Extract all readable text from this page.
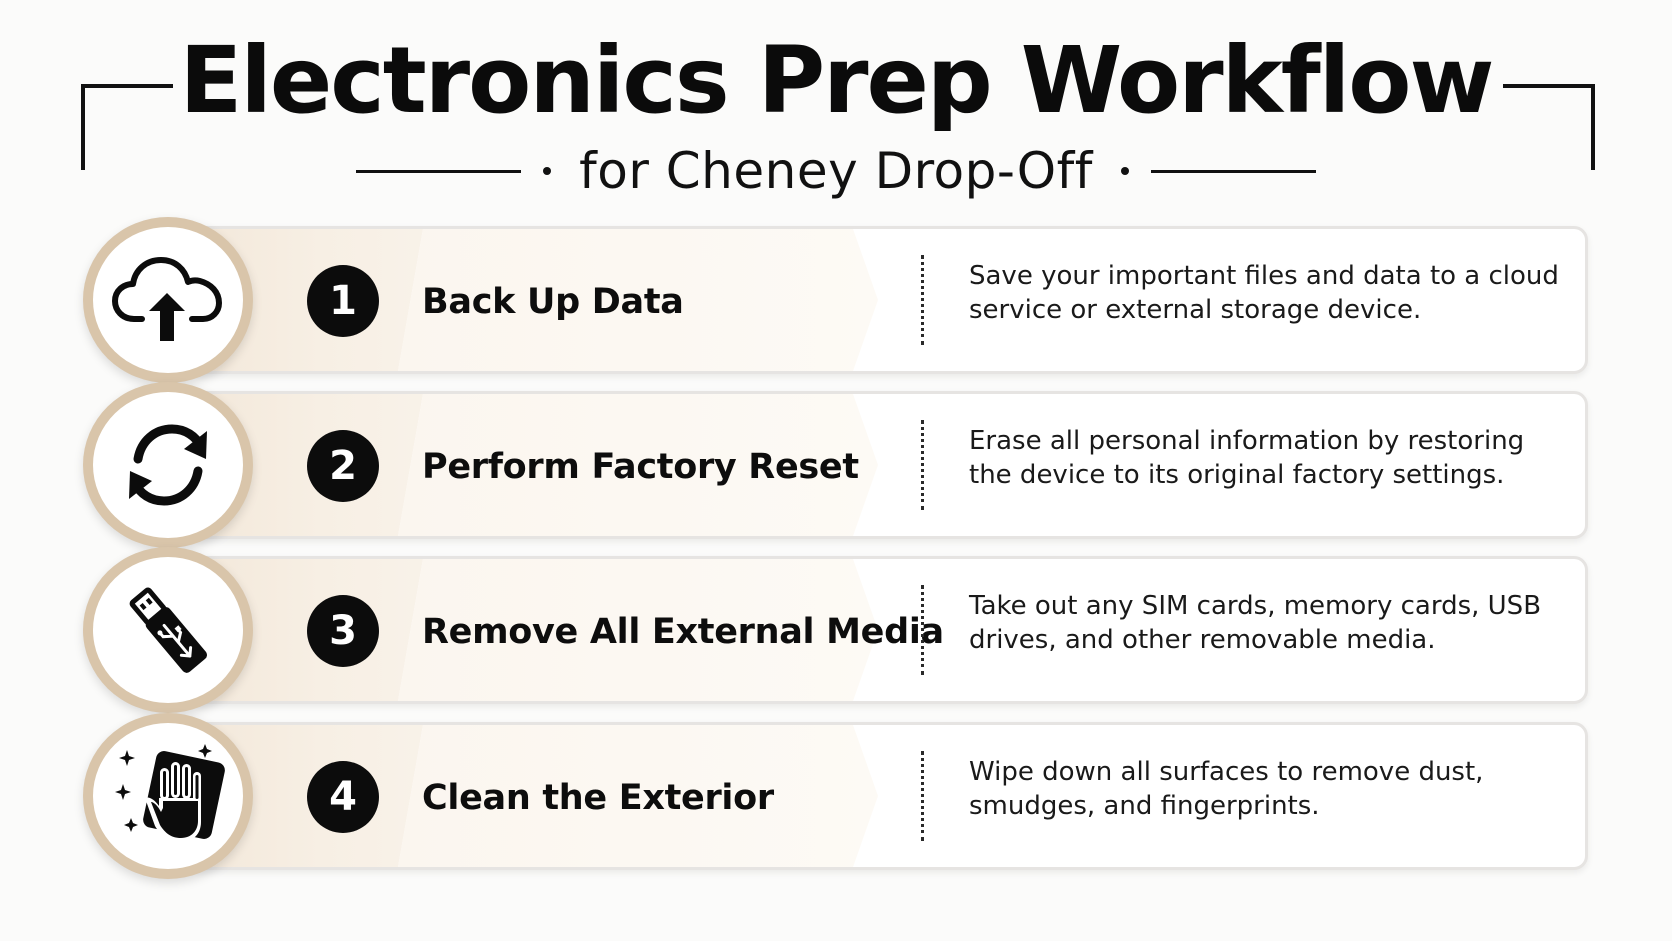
Electronics Prep Workflow
for Cheney Drop-Off
1	Back Up Data
Save your important files and data to a cloud service or external storage device.
2	Perform Factory Reset
Erase all personal information by restoring the device to its original factory settings.
3	Remove All External Media
Take out any SIM cards, memory cards, USB drives, and other removable media.
4	Clean the Exterior
Wipe down all surfaces to remove dust, smudges, and fingerprints.
